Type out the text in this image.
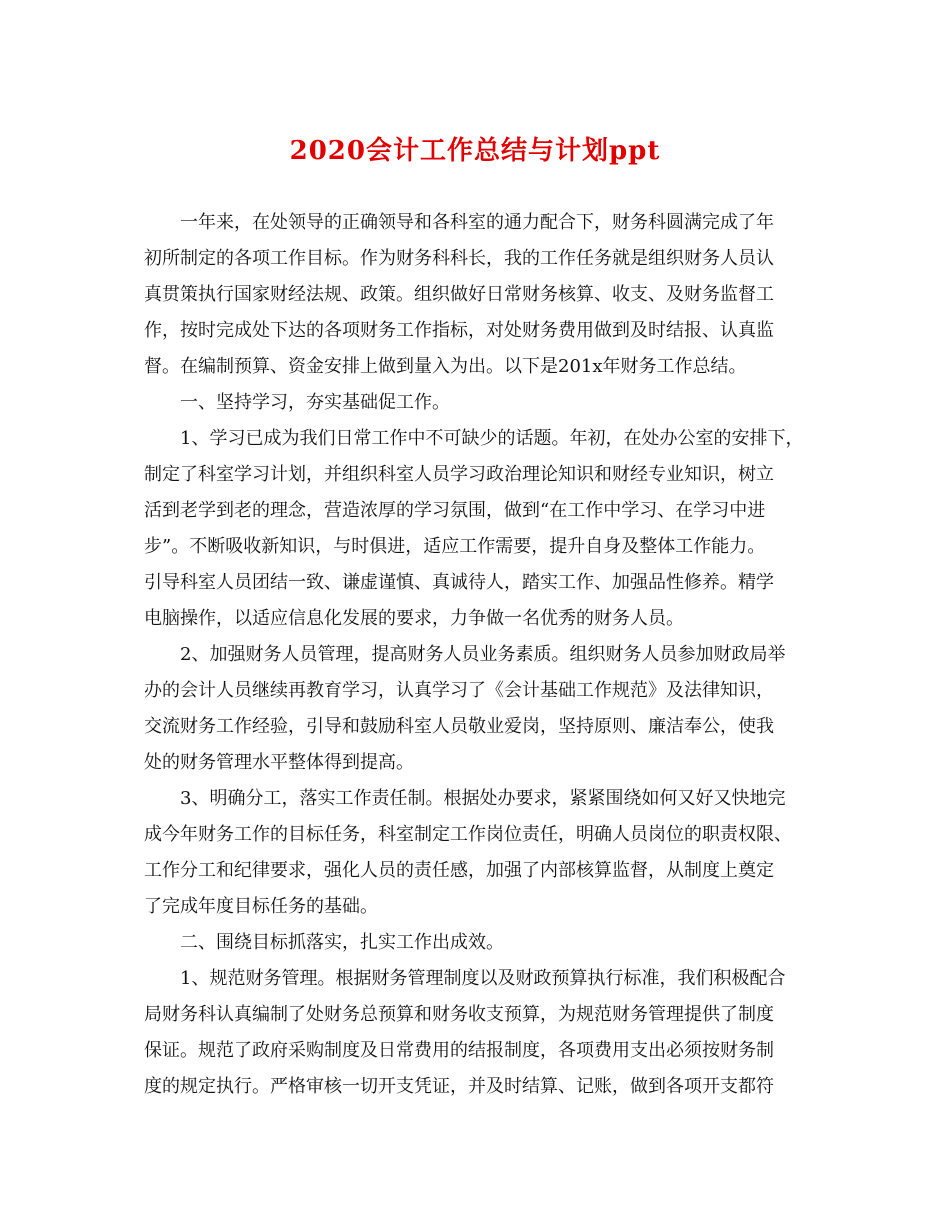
2020会计工作总结与计划ppt
一年来，在处领导的正确领导和各科室的通力配合下，财务科圆满完成了年
初所制定的各项工作目标。作为财务科科长，我的工作任务就是组织财务人员认
真贯策执行国家财经法规、政策。组织做好日常财务核算、收支、及财务监督工
作，按时完成处下达的各项财务工作指标，对处财务费用做到及时结报、认真监
督。在编制预算、资金安排上做到量入为出。以下是201x年财务工作总结。
一、坚持学习，夯实基础促工作。
1、学习已成为我们日常工作中不可缺少的话题。年初，在处办公室的安排下，
制定了科室学习计划，并组织科室人员学习政治理论知识和财经专业知识，树立
活到老学到老的理念，营造浓厚的学习氛围，做到“在工作中学习、在学习中进
步”。不断吸收新知识，与时俱进，适应工作需要，提升自身及整体工作能力。
引导科室人员团结一致、谦虚谨慎、真诚待人，踏实工作、加强品性修养。精学
电脑操作，以适应信息化发展的要求，力争做一名优秀的财务人员。
2、加强财务人员管理，提高财务人员业务素质。组织财务人员参加财政局举
办的会计人员继续再教育学习，认真学习了《会计基础工作规范》及法律知识，
交流财务工作经验，引导和鼓励科室人员敬业爱岗，坚持原则、廉洁奉公，使我
处的财务管理水平整体得到提高。
3、明确分工，落实工作责任制。根据处办要求，紧紧围绕如何又好又快地完
成今年财务工作的目标任务，科室制定工作岗位责任，明确人员岗位的职责权限、
工作分工和纪律要求，强化人员的责任感，加强了内部核算监督，从制度上奠定
了完成年度目标任务的基础。
二、围绕目标抓落实，扎实工作出成效。
1、规范财务管理。根据财务管理制度以及财政预算执行标准，我们积极配合
局财务科认真编制了处财务总预算和财务收支预算，为规范财务管理提供了制度
保证。规范了政府采购制度及日常费用的结报制度，各项费用支出必须按财务制
度的规定执行。严格审核一切开支凭证，并及时结算、记账，做到各项开支都符
